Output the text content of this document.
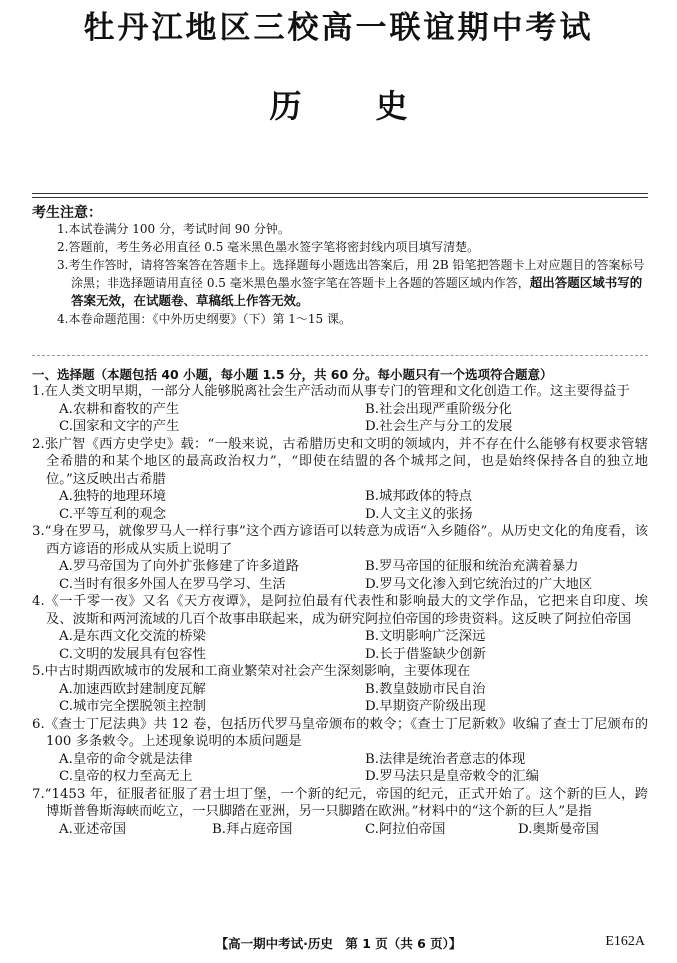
牡丹江地区三校高一联谊期中考试
历史
考生注意：
1.本试卷满分 100 分，考试时间 90 分钟。
2.答题前，考生务必用直径 0.5 毫米黑色墨水签字笔将密封线内项目填写清楚。
3.考生作答时，请将答案答在答题卡上。选择题每小题选出答案后，用 2B 铅笔把答题卡上对应题目的答案标号涂黑；非选择题请用直径 0.5 毫米黑色墨水签字笔在答题卡上各题的答题区域内作答，超出答题区域书写的答案无效，在试题卷、草稿纸上作答无效。
4.本卷命题范围：《中外历史纲要》（下）第 1～15 课。
一、选择题（本题包括 40 小题，每小题 1.5 分，共 60 分。每小题只有一个选项符合题意）
1.在人类文明早期，一部分人能够脱离社会生产活动而从事专门的管理和文化创造工作。这主要得益于
A.农耕和畜牧的产生	B.社会出现严重阶级分化
C.国家和文字的产生	D.社会生产与分工的发展
2.张广智《西方史学史》载：“一般来说，古希腊历史和文明的领域内，并不存在什么能够有权要求管辖全希腊的和某个地区的最高政治权力”，“即使在结盟的各个城邦之间，也是始终保持各自的独立地位。”这反映出古希腊
A.独特的地理环境	B.城邦政体的特点
C.平等互利的观念	D.人文主义的张扬
3.“身在罗马，就像罗马人一样行事”这个西方谚语可以转意为成语“入乡随俗”。从历史文化的角度看，该西方谚语的形成从实质上说明了
A.罗马帝国为了向外扩张修建了许多道路	B.罗马帝国的征服和统治充满着暴力
C.当时有很多外国人在罗马学习、生活	D.罗马文化渗入到它统治过的广大地区
4.《一千零一夜》又名《天方夜谭》，是阿拉伯最有代表性和影响最大的文学作品，它把来自印度、埃及、波斯和两河流域的几百个故事串联起来，成为研究阿拉伯帝国的珍贵资料。这反映了阿拉伯帝国
A.是东西文化交流的桥梁	B.文明影响广泛深远
C.文明的发展具有包容性	D.长于借鉴缺少创新
5.中古时期西欧城市的发展和工商业繁荣对社会产生深刻影响，主要体现在
A.加速西欧封建制度瓦解	B.教皇鼓励市民自治
C.城市完全摆脱领主控制	D.早期资产阶级出现
6.《查士丁尼法典》共 12 卷，包括历代罗马皇帝颁布的敕令；《查士丁尼新敕》收编了查士丁尼颁布的 100 多条敕令。上述现象说明的本质问题是
A.皇帝的命令就是法律	B.法律是统治者意志的体现
C.皇帝的权力至高无上	D.罗马法只是皇帝敕令的汇编
7.“1453 年，征服者征服了君士坦丁堡，一个新的纪元，帝国的纪元，正式开始了。这个新的巨人，跨博斯普鲁斯海峡而屹立，一只脚踏在亚洲，另一只脚踏在欧洲。”材料中的“这个新的巨人”是指
A.亚述帝国	B.拜占庭帝国	C.阿拉伯帝国	D.奥斯曼帝国
【高一期中考试·历史　第 1 页（共 6 页）】	E162A
